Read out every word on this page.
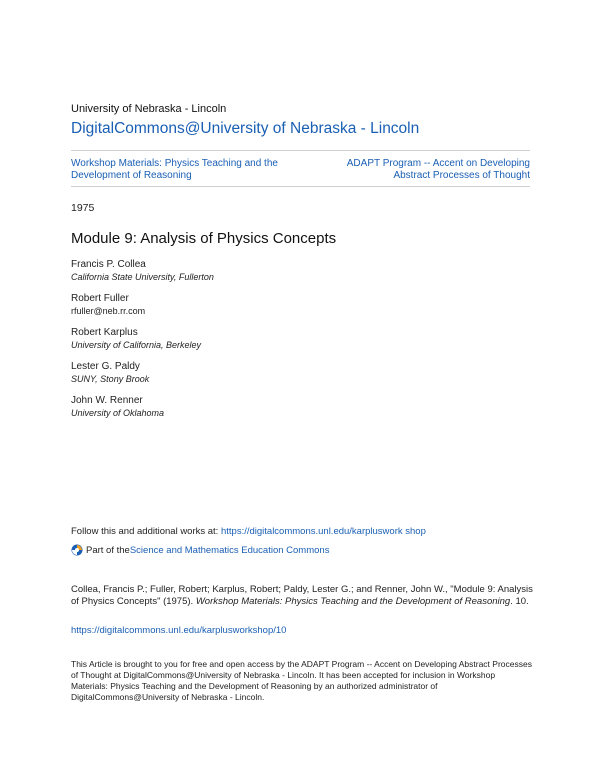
University of Nebraska - Lincoln
DigitalCommons@University of Nebraska - Lincoln
Workshop Materials: Physics Teaching and the Development of Reasoning
ADAPT Program -- Accent on Developing Abstract Processes of Thought
1975
Module 9: Analysis of Physics Concepts
Francis P. Collea
California State University, Fullerton
Robert Fuller
rfuller@neb.rr.com
Robert Karplus
University of California, Berkeley
Lester G. Paldy
SUNY, Stony Brook
John W. Renner
University of Oklahoma
Follow this and additional works at: https://digitalcommons.unl.edu/karpluswork shop
Part of the Science and Mathematics Education Commons
Collea, Francis P.; Fuller, Robert; Karplus, Robert; Paldy, Lester G.; and Renner, John W., "Module 9: Analysis of Physics Concepts" (1975). Workshop Materials: Physics Teaching and the Development of Reasoning. 10.
https://digitalcommons.unl.edu/karplusworkshop/10
This Article is brought to you for free and open access by the ADAPT Program -- Accent on Developing Abstract Processes of Thought at DigitalCommons@University of Nebraska - Lincoln. It has been accepted for inclusion in Workshop Materials: Physics Teaching and the Development of Reasoning by an authorized administrator of DigitalCommons@University of Nebraska - Lincoln.
